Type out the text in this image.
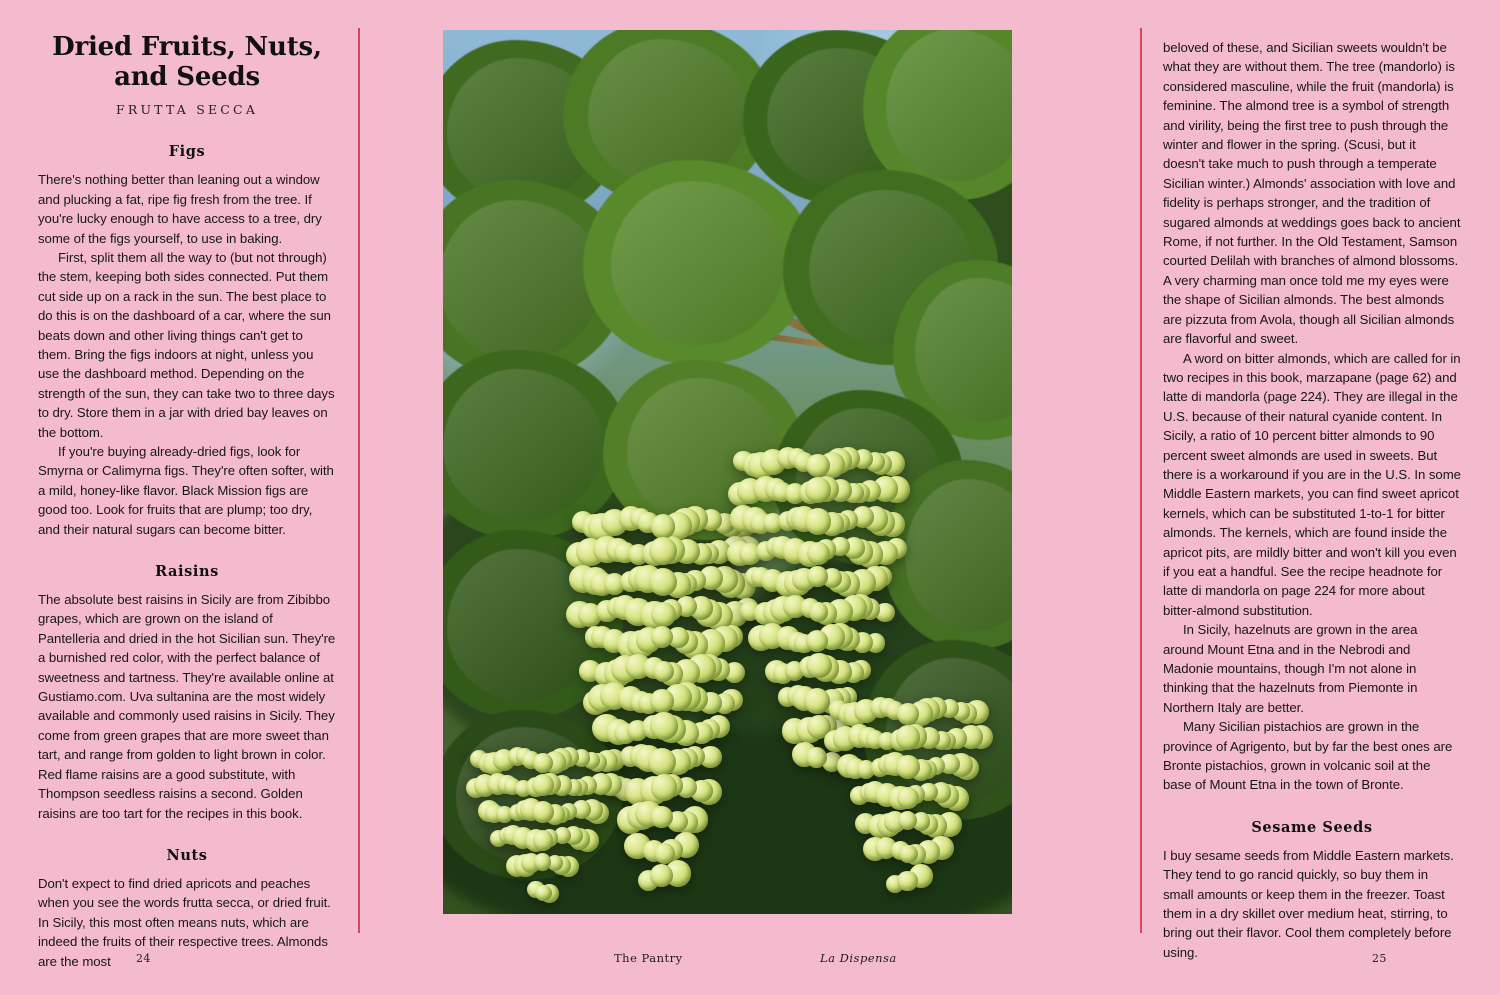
Dried Fruits, Nuts, and Seeds
FRUTTA SECCA
Figs

There's nothing better than leaning out a window and plucking a fat, ripe fig fresh from the tree. If you're lucky enough to have access to a tree, dry some of the figs yourself, to use in baking.

First, split them all the way to (but not through) the stem, keeping both sides connected. Put them cut side up on a rack in the sun. The best place to do this is on the dashboard of a car, where the sun beats down and other living things can't get to them. Bring the figs indoors at night, unless you use the dashboard method. Depending on the strength of the sun, they can take two to three days to dry. Store them in a jar with dried bay leaves on the bottom.

If you're buying already-dried figs, look for Smyrna or Calimyrna figs. They're often softer, with a mild, honey-like flavor. Black Mission figs are good too. Look for fruits that are plump; too dry, and their natural sugars can become bitter.

Raisins

The absolute best raisins in Sicily are from Zibibbo grapes, which are grown on the island of Pantelleria and dried in the hot Sicilian sun. They're a burnished red color, with the perfect balance of sweetness and tartness. They're available online at Gustiamo.com. Uva sultanina are the most widely available and commonly used raisins in Sicily. They come from green grapes that are more sweet than tart, and range from golden to light brown in color. Red flame raisins are a good substitute, with Thompson seedless raisins a second. Golden raisins are too tart for the recipes in this book.

Nuts

Don't expect to find dried apricots and peaches when you see the words frutta secca, or dried fruit. In Sicily, this most often means nuts, which are indeed the fruits of their respective trees. Almonds are the most

beloved of these, and Sicilian sweets wouldn't be what they are without them. The tree (mandorlo) is considered masculine, while the fruit (mandorla) is feminine. The almond tree is a symbol of strength and virility, being the first tree to push through the winter and flower in the spring. (Scusi, but it doesn't take much to push through a temperate Sicilian winter.) Almonds' association with love and fidelity is perhaps stronger, and the tradition of sugared almonds at weddings goes back to ancient Rome, if not further. In the Old Testament, Samson courted Delilah with branches of almond blossoms. A very charming man once told me my eyes were the shape of Sicilian almonds. The best almonds are pizzuta from Avola, though all Sicilian almonds are flavorful and sweet.

A word on bitter almonds, which are called for in two recipes in this book, marzapane (page 62) and latte di mandorla (page 224). They are illegal in the U.S. because of their natural cyanide content. In Sicily, a ratio of 10 percent bitter almonds to 90 percent sweet almonds are used in sweets. But there is a workaround if you are in the U.S. In some Middle Eastern markets, you can find sweet apricot kernels, which can be substituted 1-to-1 for bitter almonds. The kernels, which are found inside the apricot pits, are mildly bitter and won't kill you even if you eat a handful. See the recipe headnote for latte di mandorla on page 224 for more about bitter-almond substitution.

In Sicily, hazelnuts are grown in the area around Mount Etna and in the Nebrodi and Madonie mountains, though I'm not alone in thinking that the hazelnuts from Piemonte in Northern Italy are better.

Many Sicilian pistachios are grown in the province of Agrigento, but by far the best ones are Bronte pistachios, grown in volcanic soil at the base of Mount Etna in the town of Bronte.

Sesame Seeds

I buy sesame seeds from Middle Eastern markets. They tend to go rancid quickly, so buy them in small amounts or keep them in the freezer. Toast them in a dry skillet over medium heat, stirring, to bring out their flavor. Cool them completely before using.

24	The Pantry	La Dispensa	25
